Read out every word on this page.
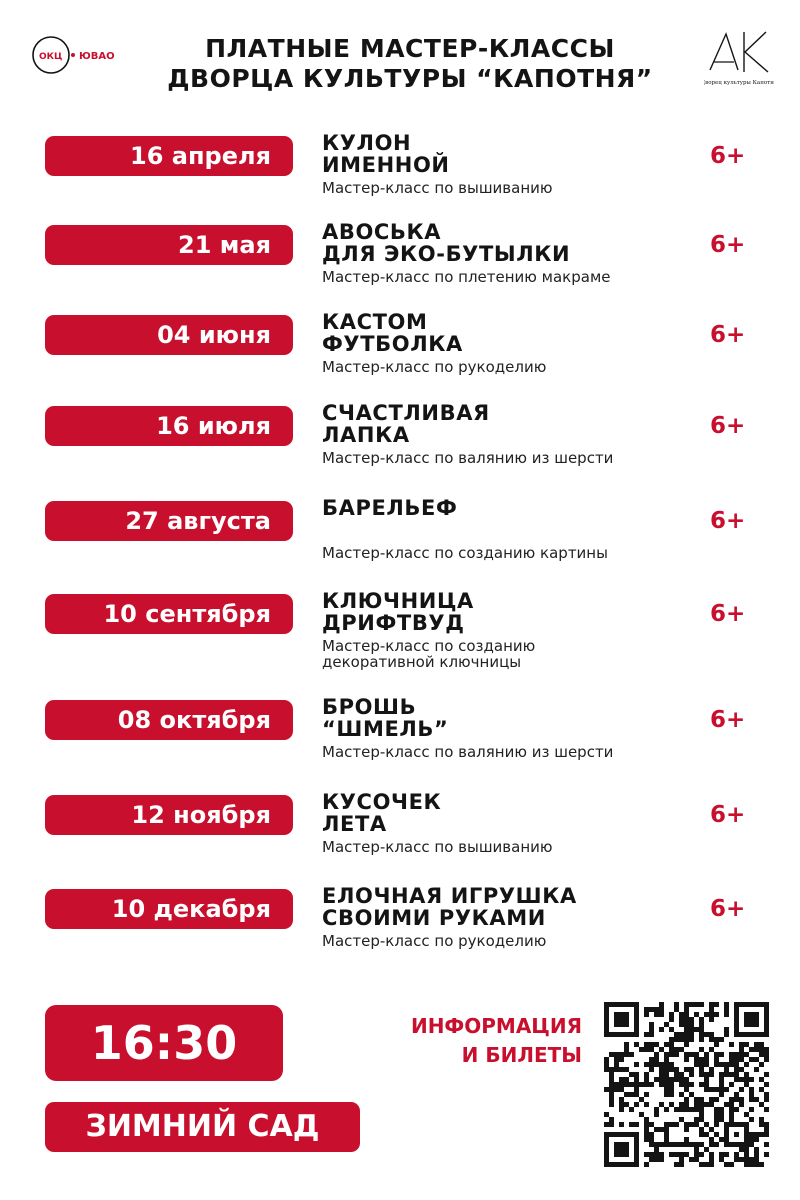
ОКЦ ЮВАО	ПЛАТНЫЕ МАСТЕР-КЛАССЫ
ДВОРЦА КУЛЬТУРЫ “КАПОТНЯ”	Дворец культуры Капотня
16 апреля	КУЛОН
ИМЕННОЙ
Мастер-класс по вышиванию
6+
21 мая	АВОСЬКА
ДЛЯ ЭКО-БУТЫЛКИ
Мастер-класс по плетению макраме
6+
04 июня	КАСТОМ
ФУТБОЛКА
Мастер-класс по рукоделию
6+
16 июля	СЧАСТЛИВАЯ
ЛАПКА
Мастер-класс по валянию из шерсти
6+
27 августа	БАРЕЛЬЕФ
Мастер-класс по созданию картины
6+
10 сентября	КЛЮЧНИЦА
ДРИФТВУД
Мастер-класс по созданию
декоративной ключницы
6+
08 октября	БРОШЬ
“ШМЕЛЬ”
Мастер-класс по валянию из шерсти
6+
12 ноября	КУСОЧЕК
ЛЕТА
Мастер-класс по вышиванию
6+
10 декабря	ЕЛОЧНАЯ ИГРУШКА
СВОИМИ РУКАМИ
Мастер-класс по рукоделию
6+
16:30
ЗИМНИЙ САД
ИНФОРМАЦИЯ
И БИЛЕТЫ
